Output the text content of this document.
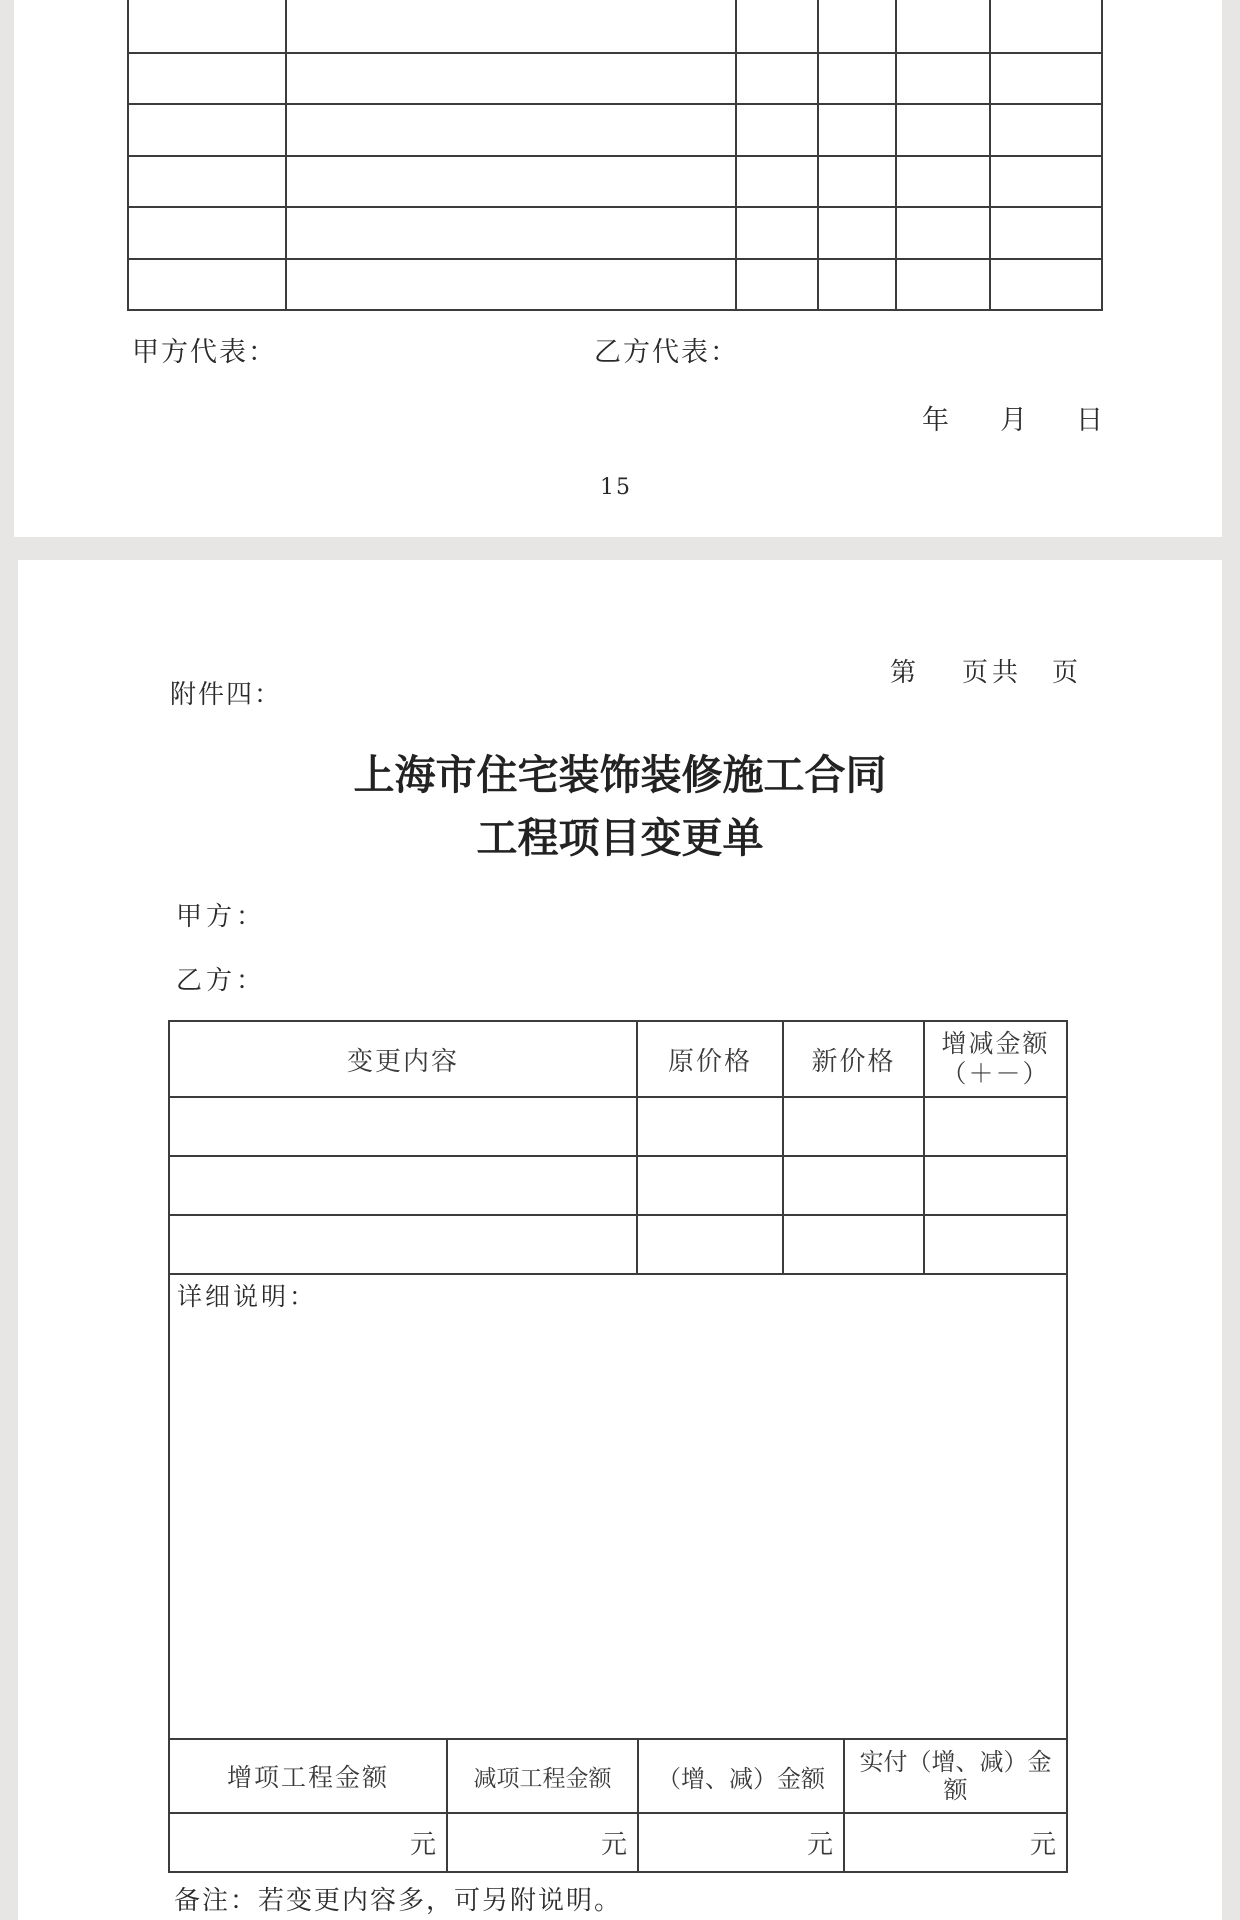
甲方代表：	乙方代表：
年 月 日
15
第 页共 页
附件四：
上海市住宅装饰装修施工合同
工程项目变更单
甲方：
乙方：
变更内容	原价格	新价格	增减金额
（＋－）

详细说明：			

增项工程金额	减项工程金额	（增、减）金额	实付（增、减）金
额

元	元	元	元
备注：若变更内容多，可另附说明。
